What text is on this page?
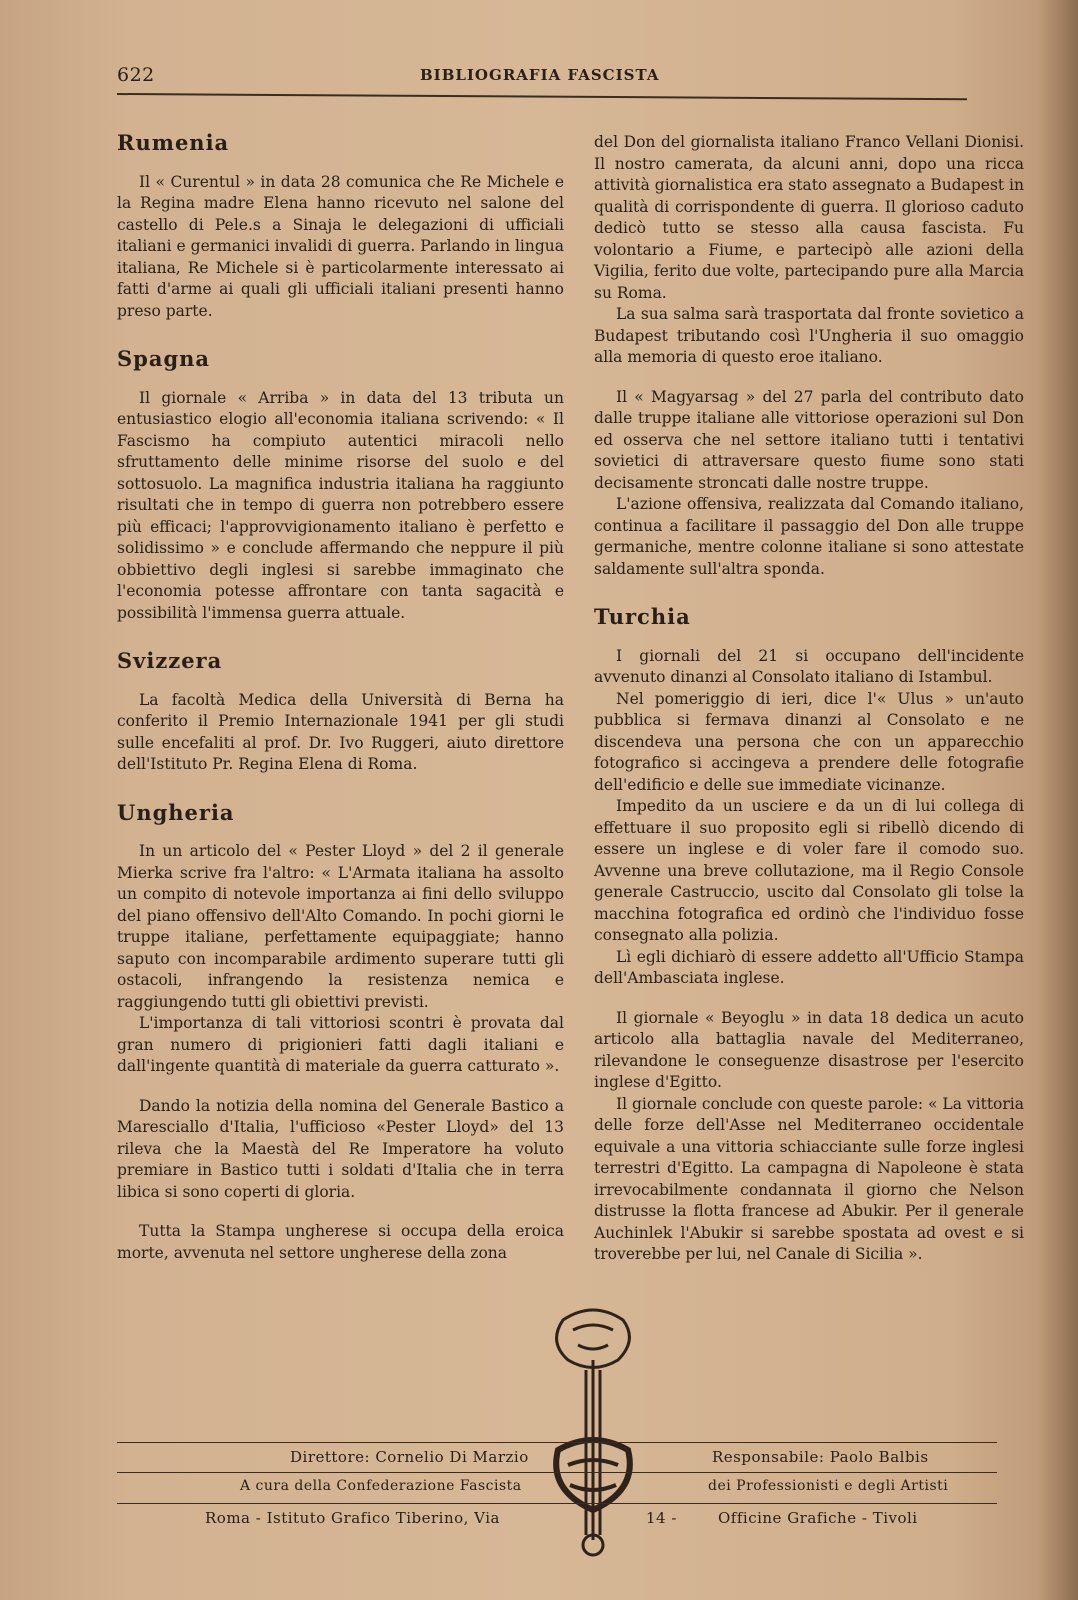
622	BIBLIOGRAFIA FASCISTA
Rumenia

Il « Curentul » in data 28 comunica che Re Michele e la Regina madre Elena hanno ricevuto nel salone del castello di Pele.s a Sinaja le delegazioni di ufficiali italiani e germanici invalidi di guerra. Parlando in lingua italiana, Re Michele si è particolarmente interessato ai fatti d'arme ai quali gli ufficiali italiani presenti hanno preso parte.

Spagna

Il giornale « Arriba » in data del 13 tributa un entusiastico elogio all'economia italiana scrivendo: « Il Fascismo ha compiuto autentici miracoli nello sfruttamento delle minime risorse del suolo e del sottosuolo. La magnifica industria italiana ha raggiunto risultati che in tempo di guerra non potrebbero essere più efficaci; l'approvvigionamento italiano è perfetto e solidissimo » e conclude affermando che neppure il più obbiettivo degli inglesi si sarebbe immaginato che l'economia potesse affrontare con tanta sagacità e possibilità l'immensa guerra attuale.

Svizzera

La facoltà Medica della Università di Berna ha conferito il Premio Internazionale 1941 per gli studi sulle encefaliti al prof. Dr. Ivo Ruggeri, aiuto direttore dell'Istituto Pr. Regina Elena di Roma.

Ungheria

In un articolo del « Pester Lloyd » del 2 il generale Mierka scrive fra l'altro: « L'Armata italiana ha assolto un compito di notevole importanza ai fini dello sviluppo del piano offensivo dell'Alto Comando. In pochi giorni le truppe italiane, perfettamente equipaggiate; hanno saputo con incomparabile ardimento superare tutti gli ostacoli, infrangendo la resistenza nemica e raggiungendo tutti gli obiettivi previsti.

L'importanza di tali vittoriosi scontri è provata dal gran numero di prigionieri fatti dagli italiani e dall'ingente quantità di materiale da guerra catturato ».

Dando la notizia della nomina del Generale Bastico a Maresciallo d'Italia, l'ufficioso «Pester Lloyd» del 13 rileva che la Maestà del Re Imperatore ha voluto premiare in Bastico tutti i soldati d'Italia che in terra libica si sono coperti di gloria.

Tutta la Stampa ungherese si occupa della eroica morte, avvenuta nel settore ungherese della zona

del Don del giornalista italiano Franco Vellani Dionisi. Il nostro camerata, da alcuni anni, dopo una ricca attività giornalistica era stato assegnato a Budapest in qualità di corrispondente di guerra. Il glorioso caduto dedicò tutto se stesso alla causa fascista. Fu volontario a Fiume, e partecipò alle azioni della Vigilia, ferito due volte, partecipando pure alla Marcia su Roma.

La sua salma sarà trasportata dal fronte sovietico a Budapest tributando così l'Ungheria il suo omaggio alla memoria di questo eroe italiano.

Il « Magyarsag » del 27 parla del contributo dato dalle truppe italiane alle vittoriose operazioni sul Don ed osserva che nel settore italiano tutti i tentativi sovietici di attraversare questo fiume sono stati decisamente stroncati dalle nostre truppe.

L'azione offensiva, realizzata dal Comando italiano, continua a facilitare il passaggio del Don alle truppe germaniche, mentre colonne italiane si sono attestate saldamente sull'altra sponda.

Turchia

I giornali del 21 si occupano dell'incidente avvenuto dinanzi al Consolato italiano di Istambul.

Nel pomeriggio di ieri, dice l'« Ulus » un'auto pubblica si fermava dinanzi al Consolato e ne discendeva una persona che con un apparecchio fotografico si accingeva a prendere delle fotografie dell'edificio e delle sue immediate vicinanze.

Impedito da un usciere e da un di lui collega di effettuare il suo proposito egli si ribellò dicendo di essere un inglese e di voler fare il comodo suo. Avvenne una breve collutazione, ma il Regio Console generale Castruccio, uscito dal Consolato gli tolse la macchina fotografica ed ordinò che l'individuo fosse consegnato alla polizia.

Lì egli dichiarò di essere addetto all'Ufficio Stampa dell'Ambasciata inglese.

Il giornale « Beyoglu » in data 18 dedica un acuto articolo alla battaglia navale del Mediterraneo, rilevandone le conseguenze disastrose per l'esercito inglese d'Egitto.

Il giornale conclude con queste parole: « La vittoria delle forze dell'Asse nel Mediterraneo occidentale equivale a una vittoria schiacciante sulle forze inglesi terrestri d'Egitto. La campagna di Napoleone è stata irrevocabilmente condannata il giorno che Nelson distrusse la flotta francese ad Abukir. Per il generale Auchinlek l'Abukir si sarebbe spostata ad ovest e si troverebbe per lui, nel Canale di Sicilia ».

Direttore: Cornelio Di Marzio	Responsabile: Paolo Balbis
A cura della Confederazione Fascista	dei Professionisti e degli Artisti
Roma - Istituto Grafico Tiberino, Via	14 -	Officine Grafiche - Tivoli
